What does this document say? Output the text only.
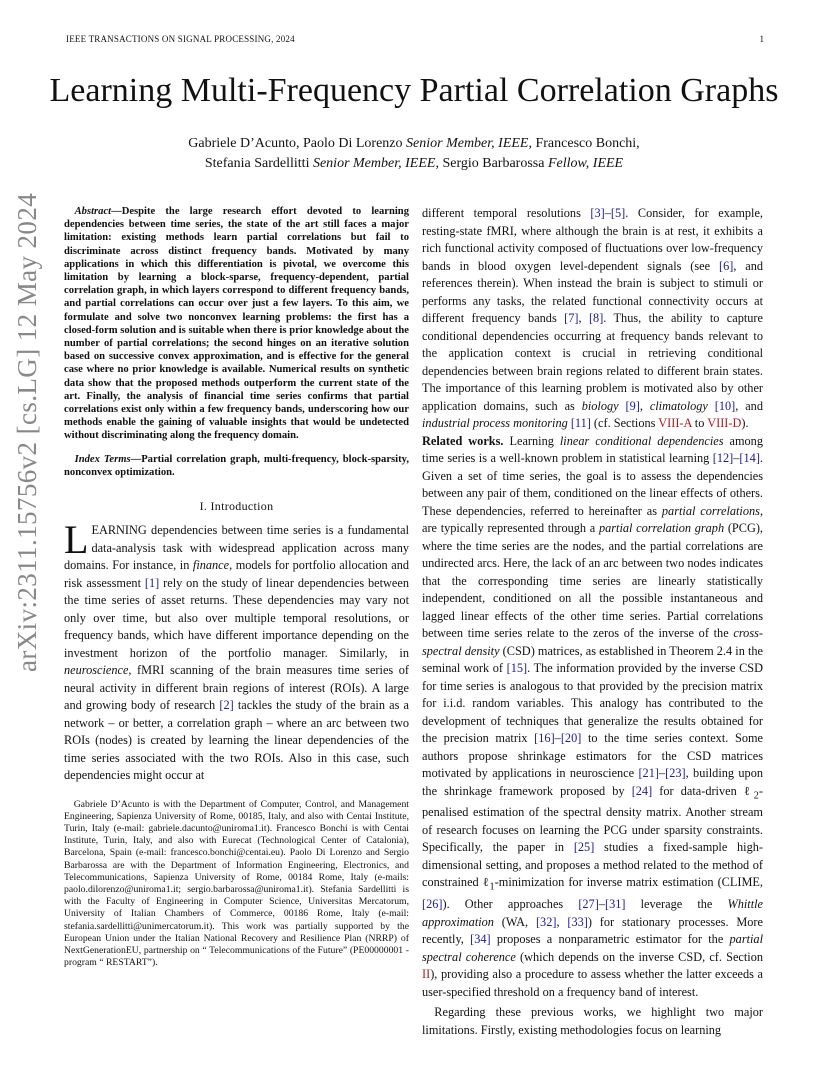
IEEE TRANSACTIONS ON SIGNAL PROCESSING, 2024	1
arXiv:2311.15756v2 [cs.LG] 12 May 2024
Learning Multi-Frequency Partial Correlation Graphs
Gabriele D’Acunto, Paolo Di Lorenzo Senior Member, IEEE, Francesco Bonchi,
Stefania Sardellitti Senior Member, IEEE, Sergio Barbarossa Fellow, IEEE

Abstract—Despite the large research effort devoted to learning dependencies between time series, the state of the art still faces a major limitation: existing methods learn partial correlations but fail to discriminate across distinct frequency bands. Motivated by many applications in which this differentiation is pivotal, we overcome this limitation by learning a block-sparse, frequency-dependent, partial correlation graph, in which layers correspond to different frequency bands, and partial correlations can occur over just a few layers. To this aim, we formulate and solve two nonconvex learning problems: the first has a closed-form solution and is suitable when there is prior knowledge about the number of partial correlations; the second hinges on an iterative solution based on successive convex approximation, and is effective for the general case where no prior knowledge is available. Numerical results on synthetic data show that the proposed methods outperform the current state of the art. Finally, the analysis of financial time series confirms that partial correlations exist only within a few frequency bands, underscoring how our methods enable the gaining of valuable insights that would be undetected without discriminating along the frequency domain.

Index Terms—Partial correlation graph, multi-frequency, block-sparsity, nonconvex optimization.

I. Introduction

LEARNING dependencies between time series is a fundamental data-analysis task with widespread application across many domains. For instance, in finance, models for portfolio allocation and risk assessment [1] rely on the study of linear dependencies between the time series of asset returns. These dependencies may vary not only over time, but also over multiple temporal resolutions, or frequency bands, which have different importance depending on the investment horizon of the portfolio manager. Similarly, in neuroscience, fMRI scanning of the brain measures time series of neural activity in different brain regions of interest (ROIs). A large and growing body of research [2] tackles the study of the brain as a network – or better, a correlation graph – where an arc between two ROIs (nodes) is created by learning the linear dependencies of the time series associated with the two ROIs. Also in this case, such dependencies might occur at

Gabriele D’Acunto is with the Department of Computer, Control, and Management Engineering, Sapienza University of Rome, 00185, Italy, and also with Centai Institute, Turin, Italy (e-mail: gabriele.dacunto@uniroma1.it). Francesco Bonchi is with Centai Institute, Turin, Italy, and also with Eurecat (Technological Center of Catalonia), Barcelona, Spain (e-mail: francesco.bonchi@centai.eu). Paolo Di Lorenzo and Sergio Barbarossa are with the Department of Information Engineering, Electronics, and Telecommunications, Sapienza University of Rome, 00184 Rome, Italy (e-mails: paolo.dilorenzo@uniroma1.it; sergio.barbarossa@uniroma1.it). Stefania Sardellitti is with the Faculty of Engineering in Computer Science, Universitas Mercatorum, University of Italian Chambers of Commerce, 00186 Rome, Italy (e-mail: stefania.sardellitti@unimercatorum.it). This work was partially supported by the European Union under the Italian National Recovery and Resilience Plan (NRRP) of NextGenerationEU, partnership on “ Telecommunications of the Future” (PE00000001 - program “ RESTART”).

different temporal resolutions [3]–[5]. Consider, for example, resting-state fMRI, where although the brain is at rest, it exhibits a rich functional activity composed of fluctuations over low-frequency bands in blood oxygen level-dependent signals (see [6], and references therein). When instead the brain is subject to stimuli or performs any tasks, the related functional connectivity occurs at different frequency bands [7], [8]. Thus, the ability to capture conditional dependencies occurring at frequency bands relevant to the application context is crucial in retrieving conditional dependencies between brain regions related to different brain states. The importance of this learning problem is motivated also by other application domains, such as biology [9], climatology [10], and industrial process monitoring [11] (cf. Sections VIII-A to VIII-D).

Related works. Learning linear conditional dependencies among time series is a well-known problem in statistical learning [12]–[14]. Given a set of time series, the goal is to assess the dependencies between any pair of them, conditioned on the linear effects of others. These dependencies, referred to hereinafter as partial correlations, are typically represented through a partial correlation graph (PCG), where the time series are the nodes, and the partial correlations are undirected arcs. Here, the lack of an arc between two nodes indicates that the corresponding time series are linearly statistically independent, conditioned on all the possible instantaneous and lagged linear effects of the other time series. Partial correlations between time series relate to the zeros of the inverse of the cross-spectral density (CSD) matrices, as established in Theorem 2.4 in the seminal work of [15]. The information provided by the inverse CSD for time series is analogous to that provided by the precision matrix for i.i.d. random variables. This analogy has contributed to the development of techniques that generalize the results obtained for the precision matrix [16]–[20] to the time series context. Some authors propose shrinkage estimators for the CSD matrices motivated by applications in neuroscience [21]–[23], building upon the shrinkage framework proposed by [24] for data-driven ℓ$_2$-penalised estimation of the spectral density matrix. Another stream of research focuses on learning the PCG under sparsity constraints. Specifically, the paper in [25] studies a fixed-sample high-dimensional setting, and proposes a method related to the method of constrained ℓ$_1$-minimization for inverse matrix estimation (CLIME, [26]). Other approaches [27]–[31] leverage the Whittle approximation (WA, [32], [33]) for stationary processes. More recently, [34] proposes a nonparametric estimator for the partial spectral coherence (which depends on the inverse CSD, cf. Section II), providing also a procedure to assess whether the latter exceeds a user-specified threshold on a frequency band of interest.

Regarding these previous works, we highlight two major limitations. Firstly, existing methodologies focus on learning
